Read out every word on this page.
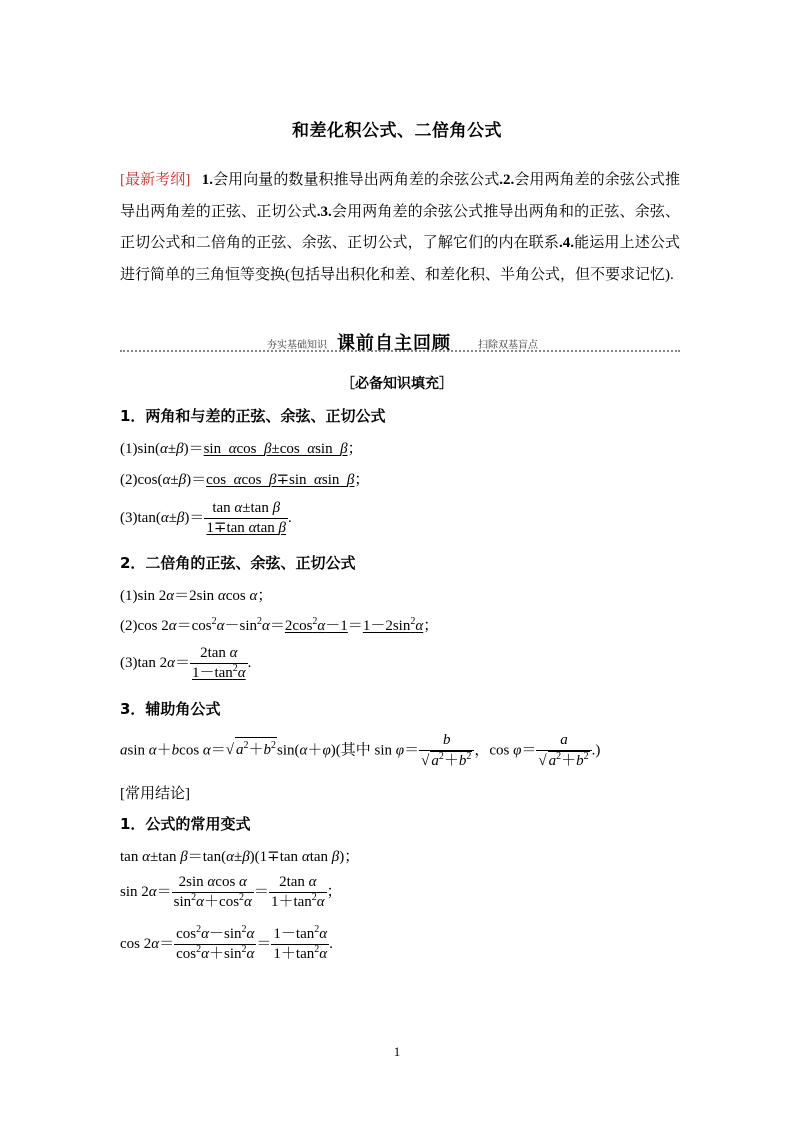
和差化积公式、二倍角公式
[最新考纲] 1.会用向量的数量积推导出两角差的余弦公式.2.会用两角差的余弦公式推导出两角差的正弦、正切公式.3.会用两角差的余弦公式推导出两角和的正弦、余弦、正切公式和二倍角的正弦、余弦、正切公式，了解它们的内在联系.4.能运用上述公式进行简单的三角恒等变换(包括导出积化和差、和差化积、半角公式，但不要求记忆).
夯实基础知识 课前自主回顾	扫除双基盲点
［必备知识填充］
1．两角和与差的正弦、余弦、正切公式
(1)sin(α±β)＝sin  αcos  β±cos  αsin  β；
(2)cos(α±β)＝cos  αcos  β∓sin  αsin  β；
$(3)\tan(\alpha\pm\beta)= \frac{\text{tan α±tan β}}{\text{1∓tan αtan β}}$ .
2．二倍角的正弦、余弦、正切公式
(1)sin 2α＝2sin αcos α；
(2)cos $2\alpha=\cos^2\alpha-\sin^2\alpha=2\cos^2\alpha-1=1-2\sin^2\alpha$；
(3)tan $2\alpha= \frac{\text{2tan α}}{1-\tan^2\alpha}$ .
3．辅助角公式
asin α＋bcos α＝√ $a^2+b^2\sin(\alpha+\varphi)$(其中 $\sin \varphi= \frac{b}{√ a^2+b^2}$ ，$\cos \varphi= \frac{a}{√ a^2+b^2}$ .)
[常用结论]
1．公式的常用变式
tan α±tan β＝tan(α±β)(1∓tan αtan β)；
$\sin 2\alpha= \frac{\text{2sin αcos α}}{\sin^2\alpha+\cos^2\alpha} = \frac{\text{2tan α}}{1+\tan^2\alpha}$ ；
$\cos 2\alpha= \frac{\cos^2\alpha-\sin^2\alpha}{\cos^2\alpha+\sin^2\alpha} = \frac{1-\tan^2\alpha}{1+\tan^2\alpha}$ .
1
